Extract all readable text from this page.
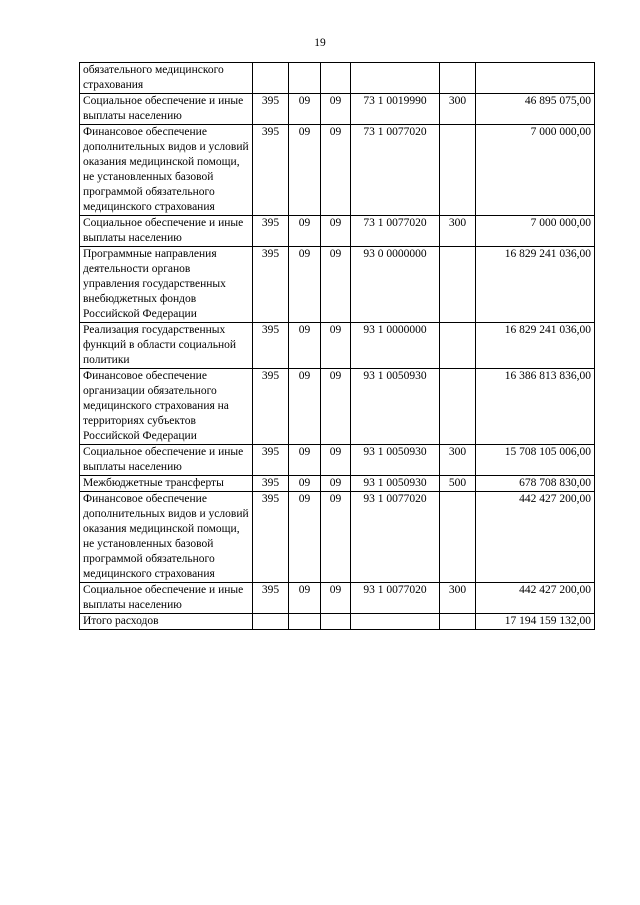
19
обязательного медицинского страхования						
Социальное обеспечение и иные выплаты населению	395	09	09	73 1 0019990	300	46 895 075,00
Финансовое обеспечение дополнительных видов и условий оказания медицинской помощи, не установленных базовой программой обязательного медицинского страхования	395	09	09	73 1 0077020		7 000 000,00
Социальное обеспечение и иные выплаты населению	395	09	09	73 1 0077020	300	7 000 000,00
Программные направления деятельности органов управления государственных внебюджетных фондов Российской Федерации	395	09	09	93 0 0000000		16 829 241 036,00
Реализация государственных функций в области социальной политики	395	09	09	93 1 0000000		16 829 241 036,00
Финансовое обеспечение организации обязательного медицинского страхования на территориях субъектов Российской Федерации	395	09	09	93 1 0050930		16 386 813 836,00
Социальное обеспечение и иные выплаты населению	395	09	09	93 1 0050930	300	15 708 105 006,00
Межбюджетные трансферты	395	09	09	93 1 0050930	500	678 708 830,00
Финансовое обеспечение дополнительных видов и условий оказания медицинской помощи, не установленных базовой программой обязательного медицинского страхования	395	09	09	93 1 0077020		442 427 200,00
Социальное обеспечение и иные выплаты населению	395	09	09	93 1 0077020	300	442 427 200,00
Итого расходов						17 194 159 132,00
